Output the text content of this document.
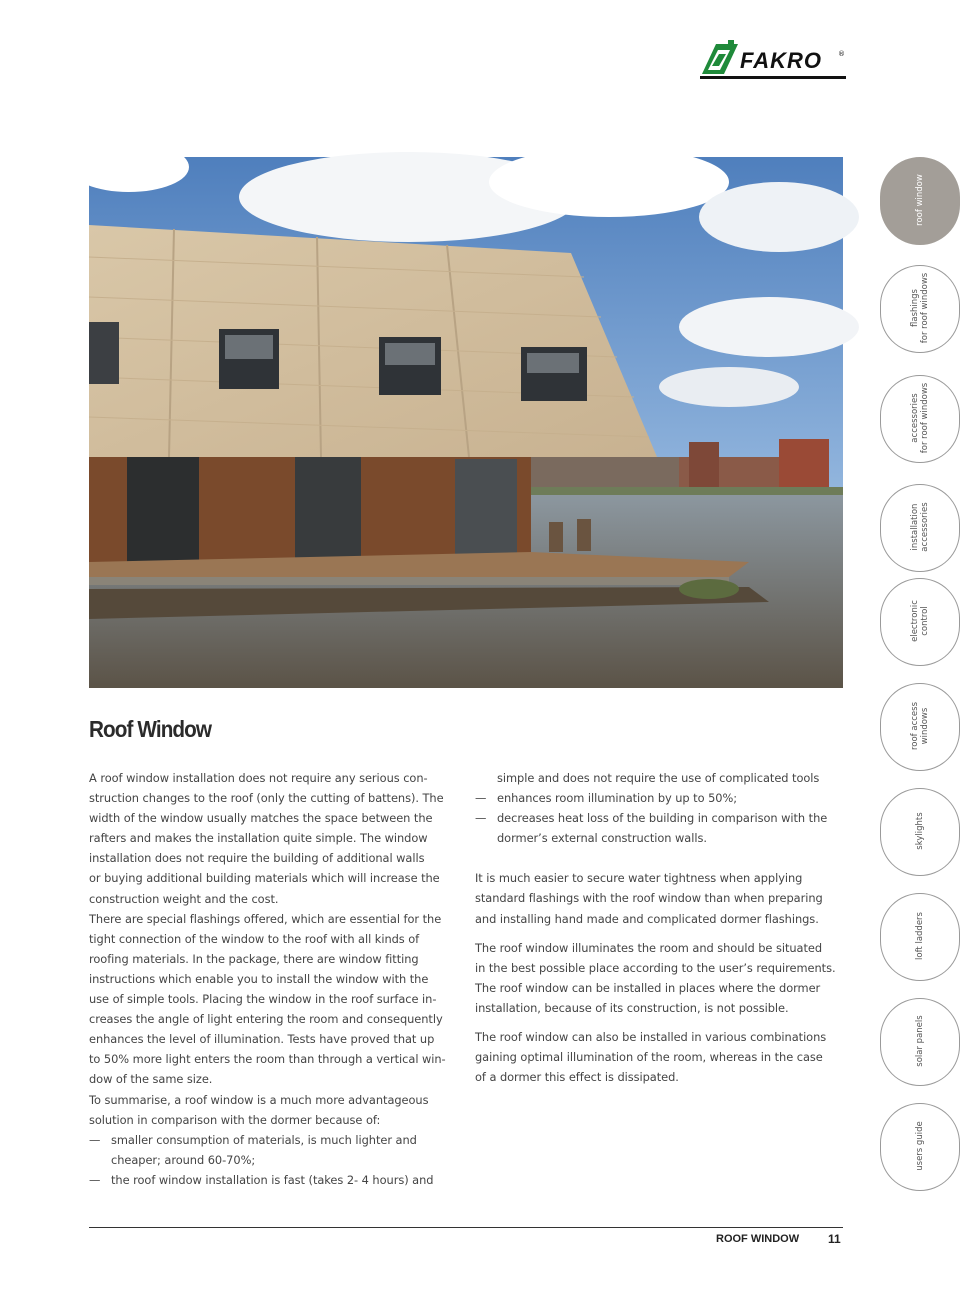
FAKRO ®
roof window
flashings
for roof windows
accessories
for roof windows
installation
accessories
electronic
control
roof access
windows
skylights
loft ladders
solar panels
users guide
Roof Window

A roof window installation does not require any serious con-
struction changes to the roof (only the cutting of battens). The
width of the window usually matches the space between the
rafters and makes the installation quite simple. The window
installation does not require the building of additional walls
or buying additional building materials which will increase the
construction weight and the cost.

There are special flashings offered, which are essential for the
tight connection of the window to the roof with all kinds of
roofing materials. In the package, there are window fitting
instructions which enable you to install the window with the
use of simple tools. Placing the window in the roof surface in-
creases the angle of light entering the room and consequently
enhances the level of illumination. Tests have proved that up
to 50% more light enters the room than through a vertical win-
dow of the same size.

To summarise, a roof window is a much more advantageous
solution in comparison with the dormer because of:

— smaller consumption of materials, is much lighter and
cheaper; around 60-70%;

— the roof window installation is fast (takes 2- 4 hours) and

simple and does not require the use of complicated tools

— enhances room illumination by up to 50%;

— decreases heat loss of the building in comparison with the
dormer’s external construction walls.

It is much easier to secure water tightness when applying
standard flashings with the roof window than when preparing
and installing hand made and complicated dormer flashings.

The roof window illuminates the room and should be situated
in the best possible place according to the user’s requirements.
The roof window can be installed in places where the dormer
installation, because of its construction, is not possible.

The roof window can also be installed in various combinations
gaining optimal illumination of the room, whereas in the case
of a dormer this effect is dissipated.

ROOF WINDOW 11
